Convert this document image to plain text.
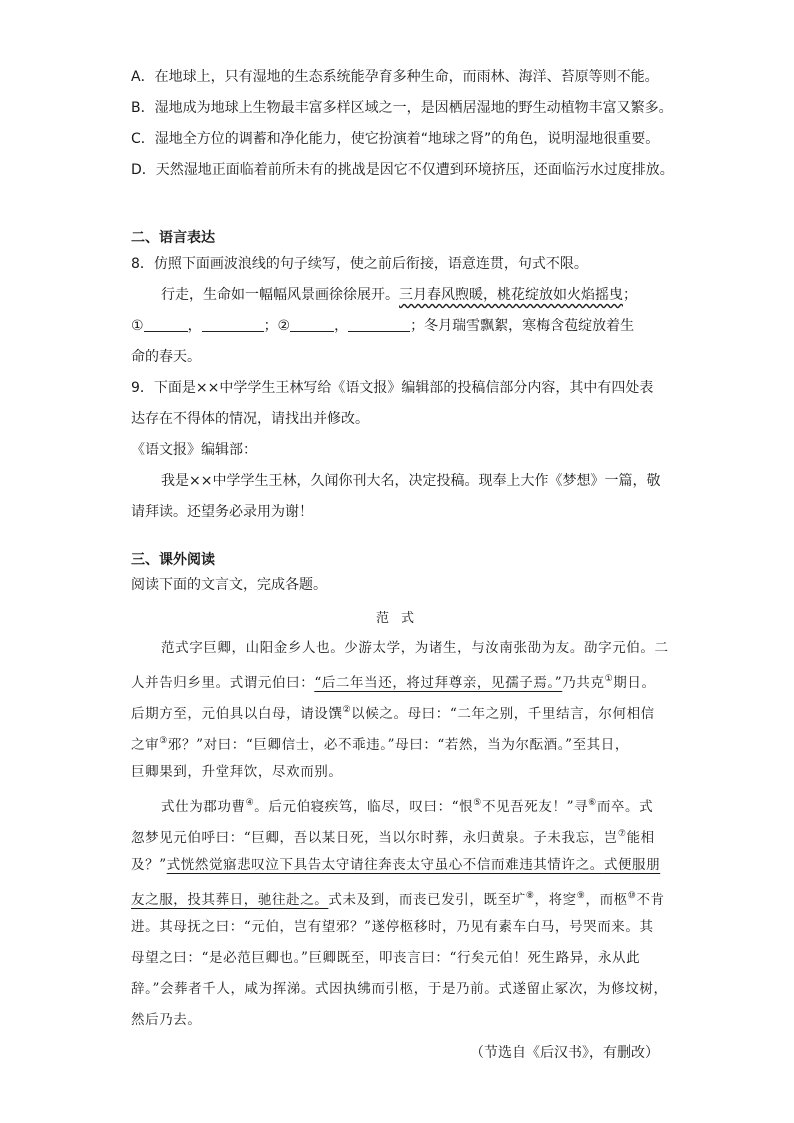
A．在地球上，只有湿地的生态系统能孕育多种生命，而雨林、海洋、苔原等则不能。
B．湿地成为地球上生物最丰富多样区域之一，是因栖居湿地的野生动植物丰富又繁多。
C．湿地全方位的调蓄和净化能力，使它扮演着“地球之肾”的角色，说明湿地很重要。
D．天然湿地正面临着前所未有的挑战是因它不仅遭到环境挤压，还面临污水过度排放。
二、语言表达
8．仿照下面画波浪线的句子续写，使之前后衔接，语意连贯，句式不限。
行走，生命如一幅幅风景画徐徐展开。三月春风煦暖，桃花绽放如火焰摇曳；
①	，	；②	，	；冬月瑞雪飘絮，寒梅含苞绽放着生
命的春天。
9．下面是××中学学生王林写给《语文报》编辑部的投稿信部分内容，其中有四处表
达存在不得体的情况，请找出并修改。
《语文报》编辑部：
我是××中学学生王林，久闻你刊大名，决定投稿。现奉上大作《梦想》一篇，敬
请拜读。还望务必录用为谢！
三、课外阅读
阅读下面的文言文，完成各题。
范式
范式字巨卿，山阳金乡人也。少游太学，为诸生，与汝南张劭为友。劭字元伯。二
人并告归乡里。式谓元伯曰：“后二年当还，将过拜尊亲，见孺子焉。”乃共克①期日。
后期方至，元伯具以白母，请设馔②以候之。母曰：“二年之别，千里结言，尔何相信
之审③邪？”对曰：“巨卿信士，必不乖违。”母曰：“若然，当为尔酝酒。”至其日，
巨卿果到，升堂拜饮，尽欢而别。
式仕为郡功曹④。后元伯寝疾笃，临尽，叹曰：“恨⑤不见吾死友！”寻⑥而卒。式
忽梦见元伯呼曰：“巨卿，吾以某日死，当以尔时葬，永归黄泉。子未我忘，岂⑦能相
及？”式恍然觉寤悲叹泣下具告太守请往奔丧太守虽心不信而难违其情许之。式便服朋
友之服，投其葬日，驰往赴之。式未及到，而丧已发引，既至圹⑧，将窆⑨，而柩⑩不肯
进。其母抚之曰：“元伯，岂有望邪？”遂停柩移时，乃见有素车白马，号哭而来。其
母望之曰：“是必范巨卿也。”巨卿既至，叩丧言曰：“行矣元伯！死生路异，永从此
辞。”会葬者千人，咸为挥涕。式因执绋而引柩，于是乃前。式遂留止冢次，为修坟树，
然后乃去。
（节选自《后汉书》，有删改）
